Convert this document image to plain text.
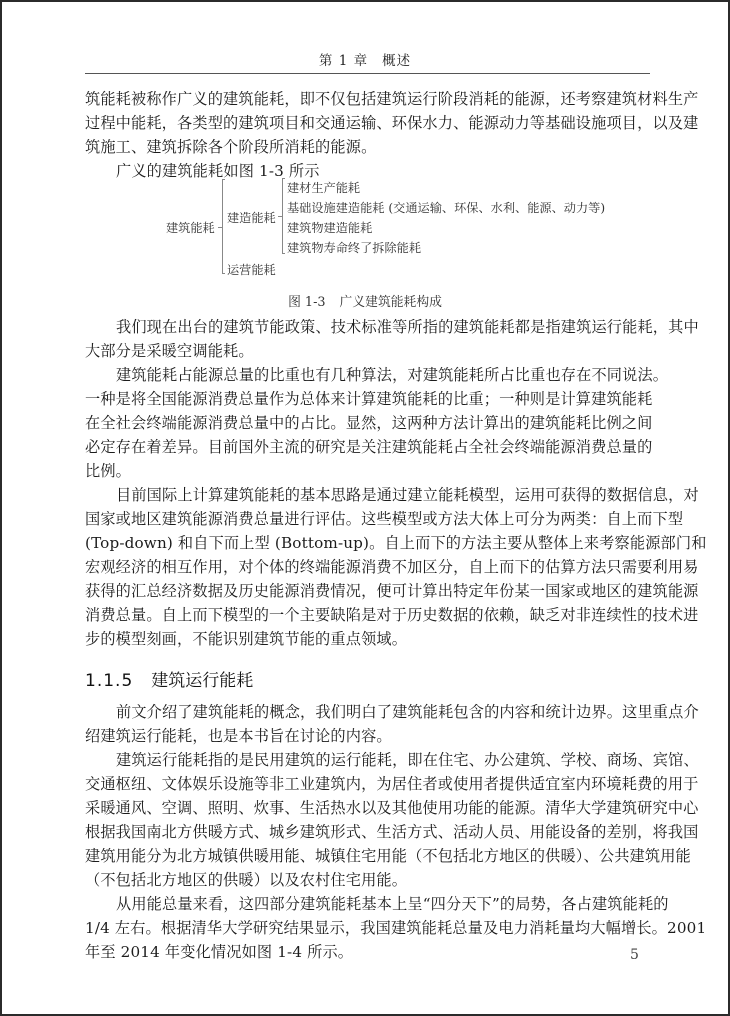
第 1 章 概述
筑能耗被称作广义的建筑能耗，即不仅包括建筑运行阶段消耗的能源，还考察建筑材料生产
过程中能耗，各类型的建筑项目和交通运输、环保水力、能源动力等基础设施项目，以及建
筑施工、建筑拆除各个阶段所消耗的能源。
广义的建筑能耗如图 1-3 所示
建筑能耗
建造能耗
运营能耗
建材生产能耗
基础设施建造能耗 (交通运输、环保、水利、能源、动力等)
建筑物建造能耗
建筑物寿命终了拆除能耗
图 1-3 广义建筑能耗构成
我们现在出台的建筑节能政策、技术标准等所指的建筑能耗都是指建筑运行能耗，其中
大部分是采暖空调能耗。
建筑能耗占能源总量的比重也有几种算法，对建筑能耗所占比重也存在不同说法。
一种是将全国能源消费总量作为总体来计算建筑能耗的比重；一种则是计算建筑能耗
在全社会终端能源消费总量中的占比。显然，这两种方法计算出的建筑能耗比例之间
必定存在着差异。目前国外主流的研究是关注建筑能耗占全社会终端能源消费总量的
比例。
目前国际上计算建筑能耗的基本思路是通过建立能耗模型，运用可获得的数据信息，对
国家或地区建筑能源消费总量进行评估。这些模型或方法大体上可分为两类：自上而下型
(Top-down) 和自下而上型 (Bottom-up)。自上而下的方法主要从整体上来考察能源部门和
宏观经济的相互作用，对个体的终端能源消费不加区分，自上而下的估算方法只需要利用易
获得的汇总经济数据及历史能源消费情况，便可计算出特定年份某一国家或地区的建筑能源
消费总量。自上而下模型的一个主要缺陷是对于历史数据的依赖，缺乏对非连续性的技术进
步的模型刻画，不能识别建筑节能的重点领域。
1.1.5 建筑运行能耗
前文介绍了建筑能耗的概念，我们明白了建筑能耗包含的内容和统计边界。这里重点介
绍建筑运行能耗，也是本书旨在讨论的内容。
建筑运行能耗指的是民用建筑的运行能耗，即在住宅、办公建筑、学校、商场、宾馆、
交通枢纽、文体娱乐设施等非工业建筑内，为居住者或使用者提供适宜室内环境耗费的用于
采暖通风、空调、照明、炊事、生活热水以及其他使用功能的能源。清华大学建筑研究中心
根据我国南北方供暖方式、城乡建筑形式、生活方式、活动人员、用能设备的差别，将我国
建筑用能分为北方城镇供暖用能、城镇住宅用能（不包括北方地区的供暖）、公共建筑用能
（不包括北方地区的供暖）以及农村住宅用能。
从用能总量来看，这四部分建筑能耗基本上呈“四分天下”的局势，各占建筑能耗的
1/4 左右。根据清华大学研究结果显示，我国建筑能耗总量及电力消耗量均大幅增长。2001
年至 2014 年变化情况如图 1-4 所示。	5
